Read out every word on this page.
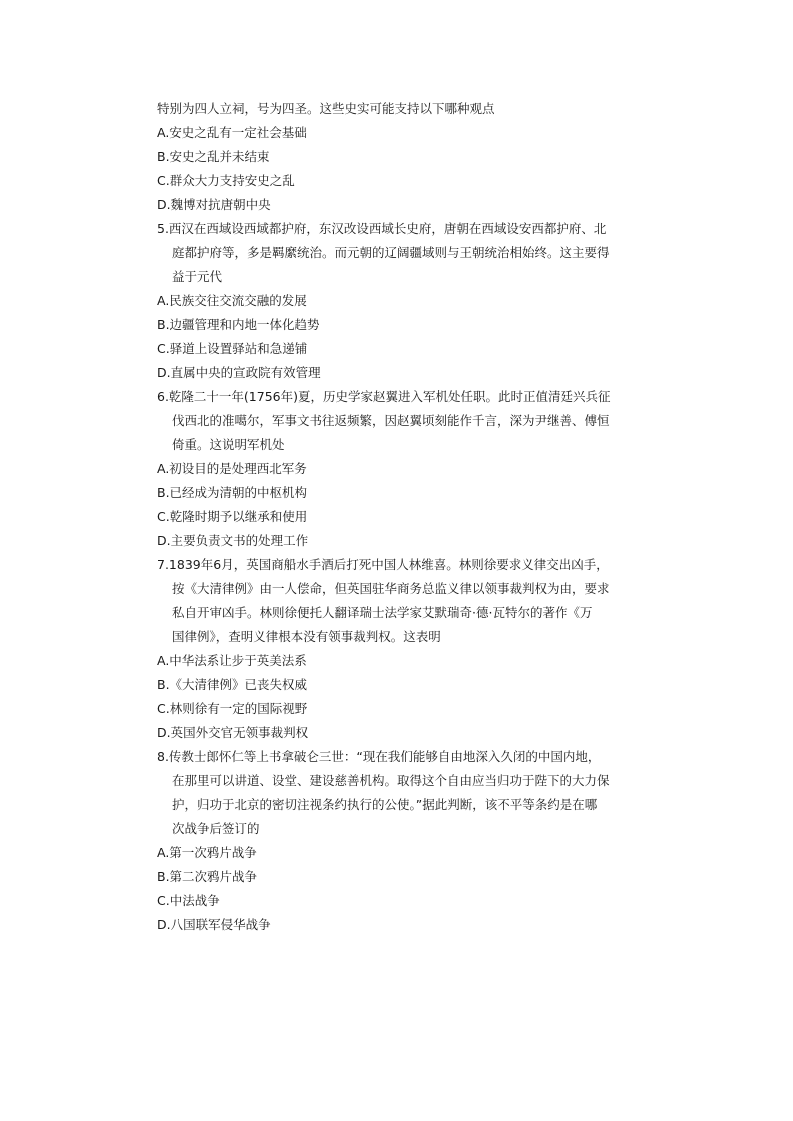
特别为四人立祠，号为四圣。这些史实可能支持以下哪种观点
A.安史之乱有一定社会基础
B.安史之乱并未结束
C.群众大力支持安史之乱
D.魏博对抗唐朝中央
5.西汉在西域设西域都护府，东汉改设西域长史府，唐朝在西域设安西都护府、北
庭都护府等，多是羁縻统治。而元朝的辽阔疆域则与王朝统治相始终。这主要得
益于元代
A.民族交往交流交融的发展
B.边疆管理和内地一体化趋势
C.驿道上设置驿站和急递铺
D.直属中央的宣政院有效管理
6.乾隆二十一年(1756年)夏，历史学家赵翼进入军机处任职。此时正值清廷兴兵征
伐西北的准噶尔，军事文书往返频繁，因赵翼顷刻能作千言，深为尹继善、傅恒
倚重。这说明军机处
A.初设目的是处理西北军务
B.已经成为清朝的中枢机构
C.乾隆时期予以继承和使用
D.主要负责文书的处理工作
7.1839年6月，英国商船水手酒后打死中国人林维喜。林则徐要求义律交出凶手，
按《大清律例》由一人偿命，但英国驻华商务总监义律以领事裁判权为由，要求
私自开审凶手。林则徐便托人翻译瑞士法学家艾默瑞奇·德·瓦特尔的著作《万
国律例》，查明义律根本没有领事裁判权。这表明
A.中华法系让步于英美法系
B.《大清律例》已丧失权威
C.林则徐有一定的国际视野
D.英国外交官无领事裁判权
8.传教士郎怀仁等上书拿破仑三世：“现在我们能够自由地深入久闭的中国内地，
在那里可以讲道、设堂、建设慈善机构。取得这个自由应当归功于陛下的大力保
护，归功于北京的密切注视条约执行的公使。”据此判断，该不平等条约是在哪
次战争后签订的
A.第一次鸦片战争
B.第二次鸦片战争
C.中法战争
D.八国联军侵华战争
